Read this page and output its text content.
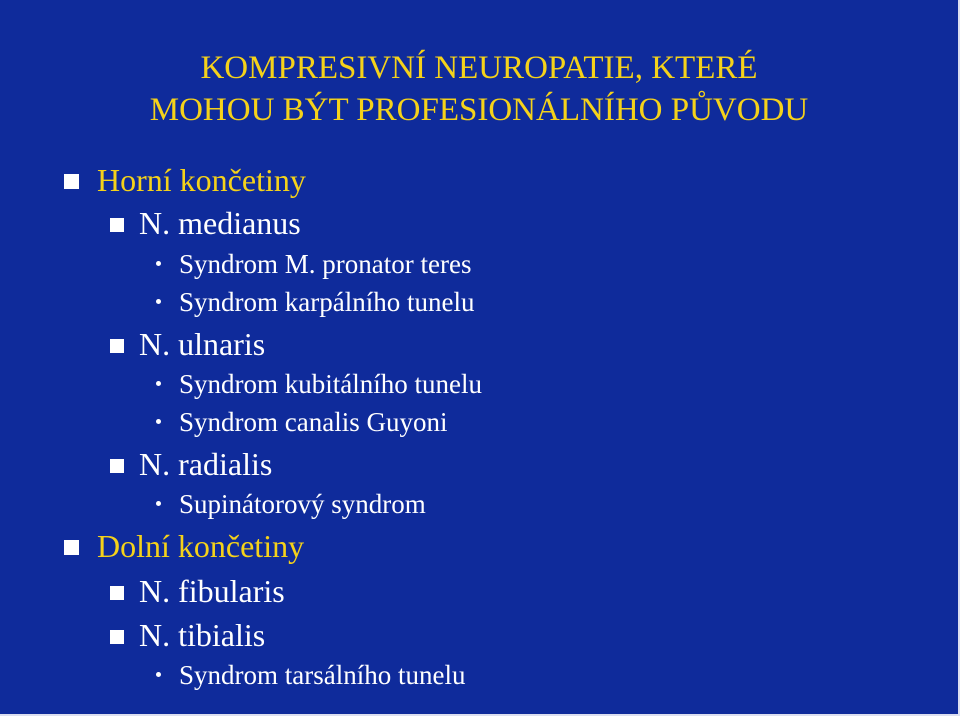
KOMPRESIVNÍ NEUROPATIE, KTERÉ
MOHOU BÝT PROFESIONÁLNÍHO PŮVODU
Horní končetiny
N. medianus
Syndrom M. pronator teres
Syndrom karpálního tunelu
N. ulnaris
Syndrom kubitálního tunelu
Syndrom canalis Guyoni
N. radialis
Supinátorový syndrom
Dolní končetiny
N. fibularis
N. tibialis
Syndrom tarsálního tunelu
